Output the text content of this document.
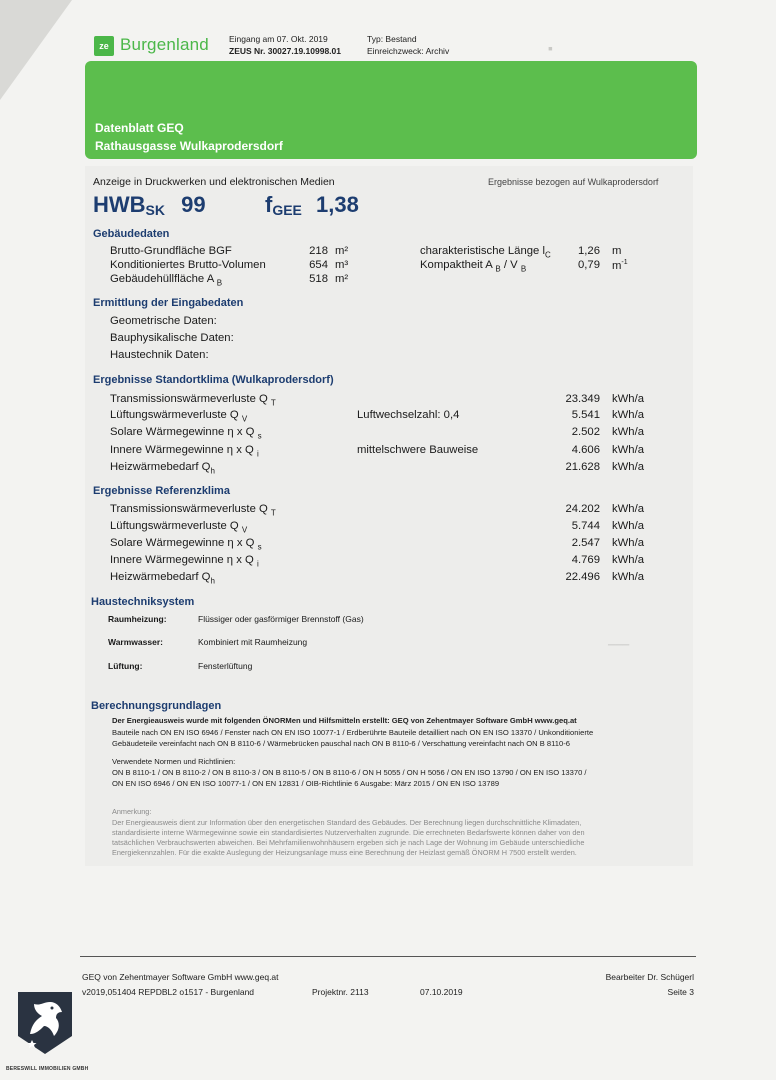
ze Burgenland Eingang am 07. Okt. 2019
ZEUS Nr. 30027.19.10998.01
Typ: Bestand
Einreichzweck: Archiv	▪
Datenblatt GEQ
Rathausgasse Wulkaprodersdorf
Anzeige in Druckwerken und elektronischen Medien	Ergebnisse bezogen auf Wulkaprodersdorf
$HWB_{SK}$ 99	$f_{GEE}$ 1,38
Gebäudedaten
Brutto-Grundfläche BGF	218 m²
Konditioniertes Brutto-Volumen	654 m³
Gebäudehüllfläche A $_B$	518 m²
charakteristische Länge $l_C$ 1,26 m
Kompaktheit A $_B$ / V $_B$	0,79 $m^{-1}$
Ermittlung der Eingabedaten
Geometrische Daten:
Bauphysikalische Daten:
Haustechnik Daten:
Ergebnisse Standortklima (Wulkaprodersdorf)
Transmissionswärmeverluste Q $_T$	23.349 kWh/a
Lüftungswärmeverluste Q $_V$	Luftwechselzahl: 0,4	5.541 kWh/a
Solare Wärmegewinne η x Q $_s$	2.502 kWh/a
Innere Wärmegewinne η x Q $_i$	mittelschwere Bauweise	4.606 kWh/a
Heizwärmebedarf $Q_h$	21.628 kWh/a
Ergebnisse Referenzklima
Transmissionswärmeverluste Q $_T$	24.202 kWh/a
Lüftungswärmeverluste Q $_V$	5.744 kWh/a
Solare Wärmegewinne η x Q $_s$	2.547 kWh/a
Innere Wärmegewinne η x Q $_i$	4.769 kWh/a
Heizwärmebedarf $Q_h$	22.496 kWh/a
Haustechniksystem
Raumheizung:	Flüssiger oder gasförmiger Brennstoff (Gas)
Warmwasser:	Kombiniert mit Raumheizung
Lüftung:	Fensterlüftung
───
Berechnungsgrundlagen
Der Energieausweis wurde mit folgenden ÖNORMen und Hilfsmitteln erstellt: GEQ von Zehentmayer Software GmbH www.geq.at
Bauteile nach ON EN ISO 6946 / Fenster nach ON EN ISO 10077-1 / Erdberührte Bauteile detailliert nach ON EN ISO 13370 / Unkonditionierte
Gebäudeteile vereinfacht nach ON B 8110-6 / Wärmebrücken pauschal nach ON B 8110-6 / Verschattung vereinfacht nach ON B 8110-6
Verwendete Normen und Richtlinien:
ON B 8110-1 / ON B 8110-2 / ON B 8110-3 / ON B 8110-5 / ON B 8110-6 / ON H 5055 / ON H 5056 / ON EN ISO 13790 / ON EN ISO 13370 /
ON EN ISO 6946 / ON EN ISO 10077-1 / ON EN 12831 / OIB-Richtlinie 6 Ausgabe: März 2015 / ON EN ISO 13789
Anmerkung:
Der Energieausweis dient zur Information über den energetischen Standard des Gebäudes. Der Berechnung liegen durchschnittliche Klimadaten,
standardisierte interne Wärmegewinne sowie ein standardisiertes Nutzerverhalten zugrunde. Die errechneten Bedarfswerte können daher von den
tatsächlichen Verbrauchswerten abweichen. Bei Mehrfamilienwohnhäusern ergeben sich je nach Lage der Wohnung im Gebäude unterschiedliche
Energiekennzahlen. Für die exakte Auslegung der Heizungsanlage muss eine Berechnung der Heizlast gemäß ÖNORM H 7500 erstellt werden.
GEQ von Zehentmayer Software GmbH www.geq.at
v2019,051404 REPDBL2 o1517 - Burgenland	Projektnr. 2113	07.10.2019
Bearbeiter Dr. Schügerl
Seite 3
BERESWILL IMMOBILIEN GMBH
